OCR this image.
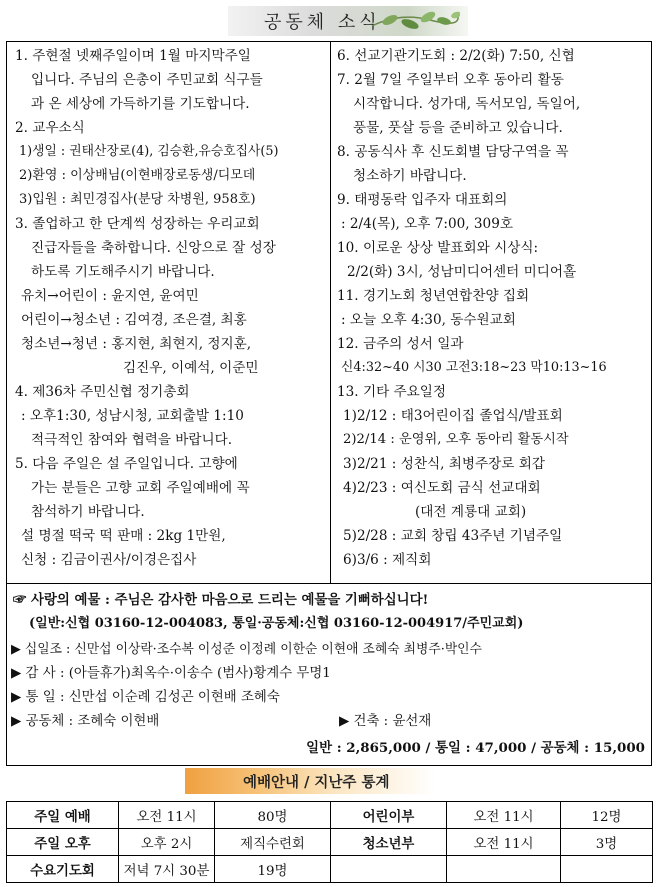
공동체 소식
1. 주현절 넷째주일이며 1월 마지막주일
입니다. 주님의 은총이 주민교회 식구들
과 온 세상에 가득하기를 기도합니다.
2. 교우소식
1)생일 : 권태산장로(4), 김승환,유승호집사(5)
2)환영 : 이상배님(이현배장로동생/디모데
3)입원 : 최민경집사(분당 차병원, 958호)
3. 졸업하고 한 단계씩 성장하는 우리교회
진급자들을 축하합니다. 신앙으로 잘 성장
하도록 기도해주시기 바랍니다.
유치→어린이 : 윤지연, 윤여민
어린이→청소년 : 김여경, 조은결, 최홍
청소년→청년 : 홍지현, 최현지, 정지훈,
김진우, 이예석, 이준민
4. 제36차 주민신협 정기총회
: 오후1:30, 성남시청, 교회출발 1:10
적극적인 참여와 협력을 바랍니다.
5. 다음 주일은 설 주일입니다. 고향에
가는 분들은 고향 교회 주일예배에 꼭
참석하기 바랍니다.
설 명절 떡국 떡 판매 : 2kg 1만원,
신청 : 김금이권사/이경은집사
6. 선교기관기도회 : 2/2(화) 7:50, 신협
7. 2월 7일 주일부터 오후 동아리 활동
시작합니다. 성가대, 독서모임, 독일어,
풍물, 풋살 등을 준비하고 있습니다.
8. 공동식사 후 신도회별 담당구역을 꼭
청소하기 바랍니다.
9. 태평동락 입주자 대표회의
: 2/4(목), 오후 7:00, 309호
10. 이로운 상상 발표회와 시상식:
2/2(화) 3시, 성남미디어센터 미디어홀
11. 경기노회 청년연합찬양 집회
: 오늘 오후 4:30, 동수원교회
12. 금주의 성서 일과
신4:32~40 시30 고전3:18~23 막10:13~16
13. 기타 주요일정
1)2/12 : 태3어린이집 졸업식/발표회
2)2/14 : 운영위, 오후 동아리 활동시작
3)2/21 : 성찬식, 최병주장로 회갑
4)2/23 : 여신도회 금식 선교대회
(대전 계룡대 교회)
5)2/28 : 교회 창립 43주년 기념주일
6)3/6 : 제직회
☞ 사랑의 예물 : 주님은 감사한 마음으로 드리는 예물을 기뻐하십니다!
(일반:신협 03160-12-004083, 통일·공동체:신협 03160-12-004917/주민교회)
▶ 십일조 : 신만섭 이상락·조수복 이성준 이정례 이한순 이현애 조혜숙 최병주·박인수
▶ 감 사 : (아들휴가)최옥수·이송수 (범사)황계수 무명1
▶ 통 일 : 신만섭 이순례 김성곤 이현배 조혜숙
▶ 공동체 : 조혜숙 이현배	▶ 건축 : 윤선재
일반 : 2,865,000 / 통일 : 47,000 / 공동체 : 15,000
예배안내 / 지난주 통계
주일 예배	오전 11시	80명	어린이부	오전 11시	12명
주일 오후	오후 2시	제직수련회	청소년부	오전 11시	3명
수요기도회	저녁 7시 30분	19명			
